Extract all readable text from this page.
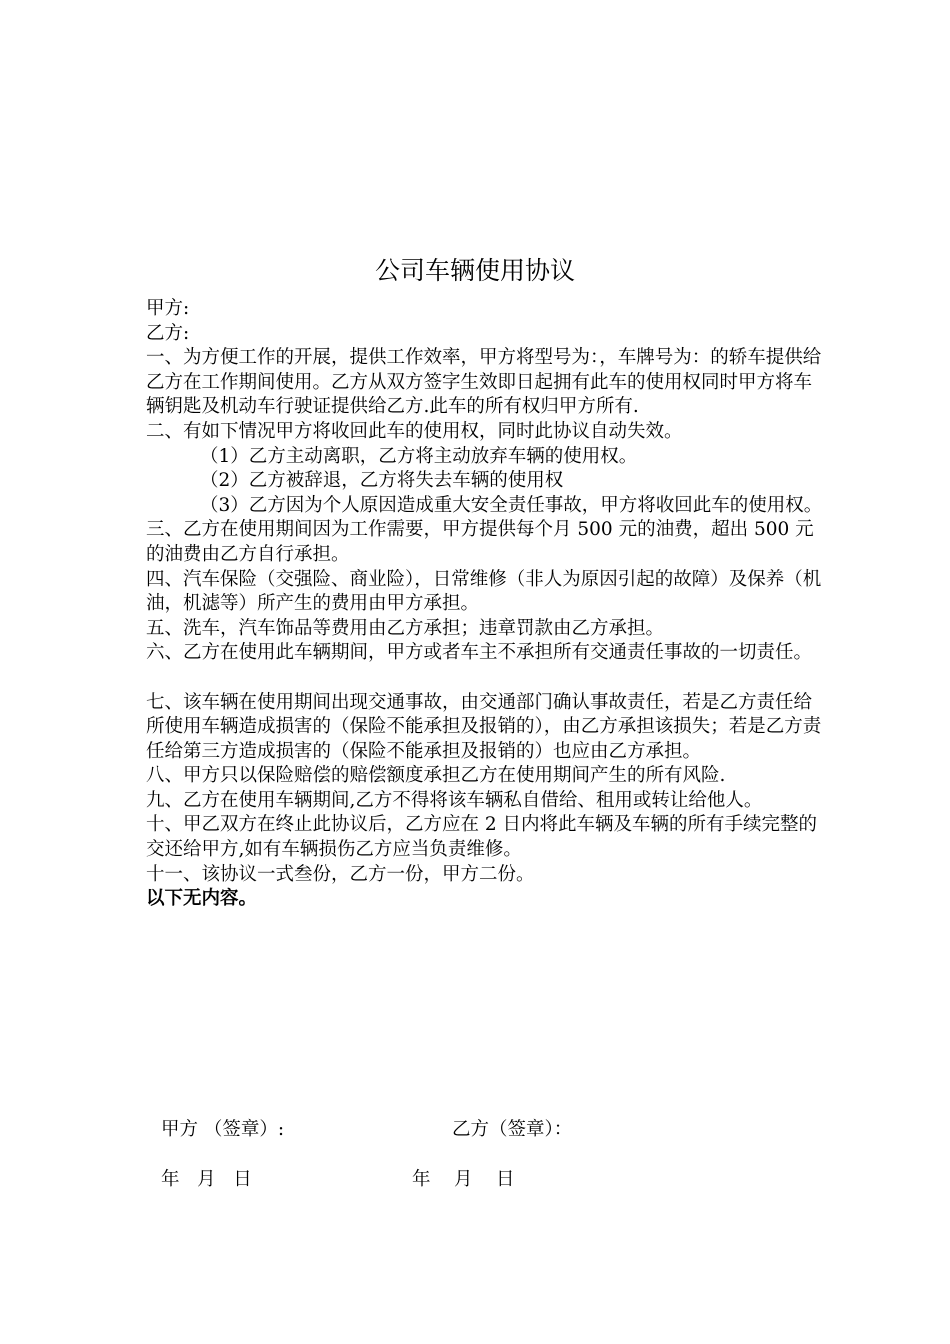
公司车辆使用协议

甲方:

乙方:

一、为方便工作的开展，提供工作效率，甲方将型号为：，车牌号为：的轿车提供给乙方在工作期间使用。乙方从双方签字生效即日起拥有此车的使用权同时甲方将车辆钥匙及机动车行驶证提供给乙方.此车的所有权归甲方所有.

二、有如下情况甲方将收回此车的使用权，同时此协议自动失效。

（1）乙方主动离职，乙方将主动放弃车辆的使用权。

（2）乙方被辞退，乙方将失去车辆的使用权

（3）乙方因为个人原因造成重大安全责任事故，甲方将收回此车的使用权。

三、乙方在使用期间因为工作需要，甲方提供每个月 500 元的油费，超出 500 元的油费由乙方自行承担。

四、汽车保险（交强险、商业险），日常维修（非人为原因引起的故障）及保养（机油，机滤等）所产生的费用由甲方承担。

五、洗车，汽车饰品等费用由乙方承担；违章罚款由乙方承担。

六、乙方在使用此车辆期间，甲方或者车主不承担所有交通责任事故的一切责任。

七、该车辆在使用期间出现交通事故，由交通部门确认事故责任，若是乙方责任给所使用车辆造成损害的（保险不能承担及报销的），由乙方承担该损失；若是乙方责任给第三方造成损害的（保险不能承担及报销的）也应由乙方承担。

八、甲方只以保险赔偿的赔偿额度承担乙方在使用期间产生的所有风险.

九、乙方在使用车辆期间,乙方不得将该车辆私自借给、租用或转让给他人。

十、甲乙双方在终止此协议后，乙方应在 2 日内将此车辆及车辆的所有手续完整的交还给甲方,如有车辆损伤乙方应当负责维修。

十一、该协议一式叁份，乙方一份，甲方二份。

以下无内容。

甲方 （签章）:	乙方（签章）：
年   月   日	年    月    日
